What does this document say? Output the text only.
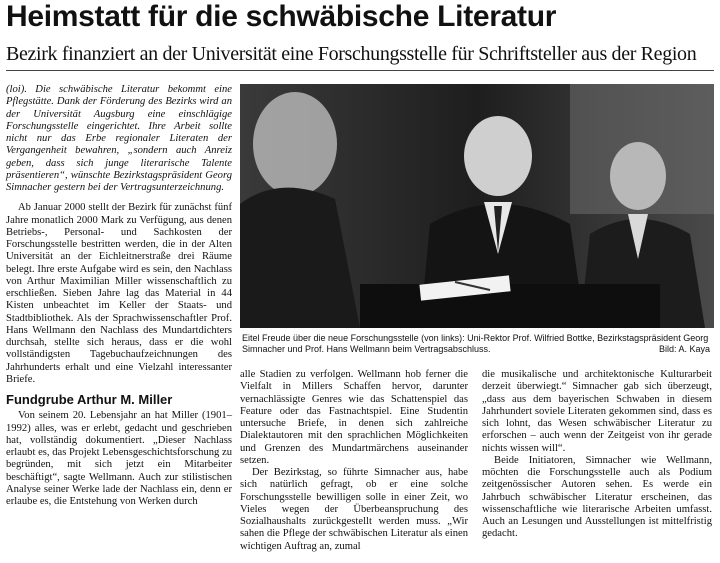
Heimstatt für die schwäbische Literatur
Bezirk finanziert an der Universität eine Forschungsstelle für Schriftsteller aus der Region

(loi). Die schwäbische Literatur bekommt eine Pflegstätte. Dank der Förderung des Bezirks wird an der Universität Augsburg eine einschlägige Forschungsstelle eingerichtet. Ihre Arbeit sollte nicht nur das Erbe regionaler Literaten der Vergangenheit bewahren, „sondern auch Anreiz geben, dass sich junge literarische Talente präsentieren“, wünschte Bezirkstagspräsident Georg Simnacher gestern bei der Vertragsunterzeichnung.

Ab Januar 2000 stellt der Bezirk für zunächst fünf Jahre monatlich 2000 Mark zu Verfügung, aus denen Betriebs-, Personal- und Sachkosten der Forschungsstelle bestritten werden, die in der Alten Universität an der Eichleitnerstraße drei Räume belegt. Ihre erste Aufgabe wird es sein, den Nachlass von Arthur Maximilian Miller wissenschaftlich zu erschließen. Sieben Jahre lag das Material in 44 Kisten unbeachtet im Keller der Staats- und Stadtbibliothek. Als der Sprachwissenschaftler Prof. Hans Wellmann den Nachlass des Mundartdichters durchsah, stellte sich heraus, dass er die wohl vollständigsten Tagebuchaufzeichnungen des Jahrhunderts erhalt und eine Vielzahl interessanter Briefe.

Fundgrube Arthur M. Miller

Von seinem 20. Lebensjahr an hat Miller (1901–1992) alles, was er erlebt, gedacht und geschrieben hat, vollständig dokumentiert. „Dieser Nachlass erlaubt es, das Projekt Lebensgeschichtsforschung zu begründen, mit sich jetzt ein Mitarbeiter beschäftigt“, sagte Wellmann. Auch zur stilistischen Analyse seiner Werke lade der Nachlass ein, denn er erlaube es, die Entstehung von Werken durch

Eitel Freude über die neue Forschungsstelle (von links): Uni-Rektor Prof. Wilfried Bottke, Bezirkstagspräsident Georg Simnacher und Prof. Hans Wellmann beim Vertragsabschluss.	Bild: A. Kaya

alle Stadien zu verfolgen. Wellmann hob ferner die Vielfalt in Millers Schaffen hervor, darunter vernachlässigte Genres wie das Schattenspiel das Feature oder das Fastnachtspiel. Eine Studentin untersuche Briefe, in denen sich zahlreiche Dialektautoren mit den sprachlichen Möglichkeiten und Grenzen des Mundartmärchens auseinander setzen.

Der Bezirkstag, so führte Simnacher aus, habe sich natürlich gefragt, ob er eine solche Forschungsstelle bewilligen solle in einer Zeit, wo Vieles wegen der Überbeanspruchung des Sozialhaushalts zurückgestellt werden muss. „Wir sahen die Pflege der schwäbischen Literatur als einen wichtigen Auftrag an, zumal

die musikalische und architektonische Kulturarbeit derzeit überwiegt.“ Simnacher gab sich überzeugt, „dass aus dem bayerischen Schwaben in diesem Jahrhundert soviele Literaten gekommen sind, dass es sich lohnt, das Wesen schwäbischer Literatur zu erforschen – auch wenn der Zeitgeist von ihr gerade nichts wissen will“.

Beide Initiatoren, Simnacher wie Wellmann, möchten die Forschungsstelle auch als Podium zeitgenössischer Autoren sehen. Es werde ein Jahrbuch schwäbischer Literatur erscheinen, das wissenschaftliche wie literarische Arbeiten umfasst. Auch an Lesungen und Ausstellungen ist mittelfristig gedacht.
